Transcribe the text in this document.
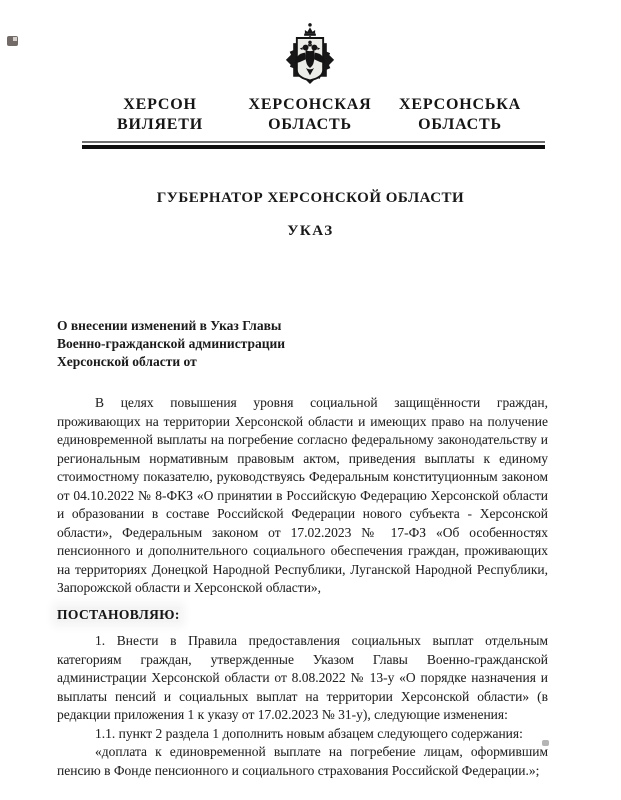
ХЕРСОН
ВИЛЯЕТИ
ХЕРСОНСКАЯ
ОБЛАСТЬ
ХЕРСОНСЬКА
ОБЛАСТЬ
ГУБЕРНАТОР ХЕРСОНСКОЙ ОБЛАСТИ
УКАЗ
О внесении изменений в Указ Главы
Военно-гражданской администрации
Херсонской области от

В целях повышения уровня социальной защищённости граждан, проживающих на территории Херсонской области и имеющих право на получение единовременной выплаты на погребение согласно федеральному законодательству и региональным нормативным правовым актом, приведения выплаты к единому стоимостному показателю, руководствуясь Федеральным конституционным законом от 04.10.2022 № 8-ФКЗ «О принятии в Российскую Федерацию Херсонской области и образовании в составе Российской Федерации нового субъекта - Херсонской области», Федеральным законом от 17.02.2023 № 17-ФЗ «Об особенностях пенсионного и дополнительного социального обеспечения граждан, проживающих на территориях Донецкой Народной Республики, Луганской Народной Республики, Запорожской области и Херсонской области»,

ПОСТАНОВЛЯЮ:

1. Внести в Правила предоставления социальных выплат отдельным категориям граждан, утвержденные Указом Главы Военно-гражданской администрации Херсонской области от 8.08.2022 № 13-у «О порядке назначения и выплаты пенсий и социальных выплат на территории Херсонской области» (в редакции приложения 1 к указу от 17.02.2023 № 31-у), следующие изменения:

1.1. пункт 2 раздела 1 дополнить новым абзацем следующего содержания:

«доплата к единовременной выплате на погребение лицам, оформившим пенсию в Фонде пенсионного и социального страхования Российской Федерации.»;
